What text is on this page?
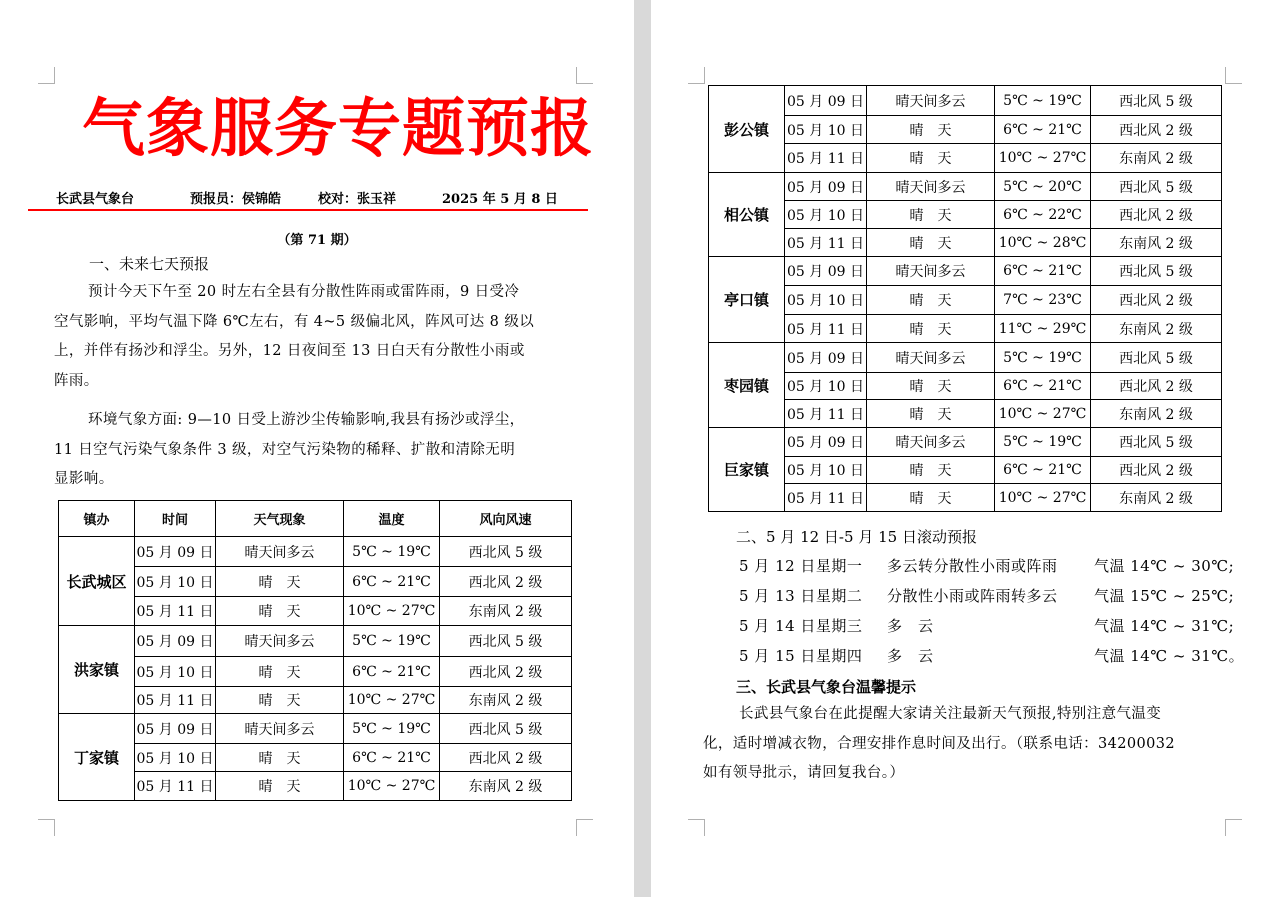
气象服务专题预报
长武县气象台	预报员：侯锦皓	校对：张玉祥	2025 年 5 月 8 日
（第 71 期）
一、未来七天预报
预计今天下午至 20 时左右全县有分散性阵雨或雷阵雨，9 日受冷
空气影响，平均气温下降 6℃左右，有 4~5 级偏北风，阵风可达 8 级以
上，并伴有扬沙和浮尘。另外，12 日夜间至 13 日白天有分散性小雨或
阵雨。
环境气象方面: 9—10 日受上游沙尘传输影响,我县有扬沙或浮尘，
11 日空气污染气象条件 3 级，对空气污染物的稀释、扩散和清除无明
显影响。
镇办	时间	天气现象	温度	风向风速
长武城区	05 月 09 日	晴天间多云	5℃ ~ 19℃	西北风 5 级
	05 月 10 日	晴　天	6℃ ~ 21℃	西北风 2 级
	05 月 11 日	晴　天	10℃ ~ 27℃	东南风 2 级
洪家镇	05 月 09 日	晴天间多云	5℃ ~ 19℃	西北风 5 级
	05 月 10 日	晴　天	6℃ ~ 21℃	西北风 2 级
	05 月 11 日	晴　天	10℃ ~ 27℃	东南风 2 级
丁家镇	05 月 09 日	晴天间多云	5℃ ~ 19℃	西北风 5 级
	05 月 10 日	晴　天	6℃ ~ 21℃	西北风 2 级
	05 月 11 日	晴　天	10℃ ~ 27℃	东南风 2 级
彭公镇	05 月 09 日	晴天间多云	5℃ ~ 19℃	西北风 5 级
	05 月 10 日	晴　天	6℃ ~ 21℃	西北风 2 级
	05 月 11 日	晴　天	10℃ ~ 27℃	东南风 2 级
相公镇	05 月 09 日	晴天间多云	5℃ ~ 20℃	西北风 5 级
	05 月 10 日	晴　天	6℃ ~ 22℃	西北风 2 级
	05 月 11 日	晴　天	10℃ ~ 28℃	东南风 2 级
亭口镇	05 月 09 日	晴天间多云	6℃ ~ 21℃	西北风 5 级
	05 月 10 日	晴　天	7℃ ~ 23℃	西北风 2 级
	05 月 11 日	晴　天	11℃ ~ 29℃	东南风 2 级
枣园镇	05 月 09 日	晴天间多云	5℃ ~ 19℃	西北风 5 级
	05 月 10 日	晴　天	6℃ ~ 21℃	西北风 2 级
	05 月 11 日	晴　天	10℃ ~ 27℃	东南风 2 级
巨家镇	05 月 09 日	晴天间多云	5℃ ~ 19℃	西北风 5 级
	05 月 10 日	晴　天	6℃ ~ 21℃	西北风 2 级
	05 月 11 日	晴　天	10℃ ~ 27℃	东南风 2 级
二、5 月 12 日-5 月 15 日滚动预报
5 月 12 日星期一 多云转分散性小雨或阵雨 气温 14℃ ~ 30℃;
5 月 13 日星期二 分散性小雨或阵雨转多云 气温 15℃ ~ 25℃;
5 月 14 日星期三 多　云	气温 14℃ ~ 31℃;
5 月 15 日星期四 多　云	气温 14℃ ~ 31℃。
三、长武县气象台温馨提示
长武县气象台在此提醒大家请关注最新天气预报,特别注意气温变
化，适时增减衣物，合理安排作息时间及出行。（联系电话：34200032
如有领导批示，请回复我台。）
